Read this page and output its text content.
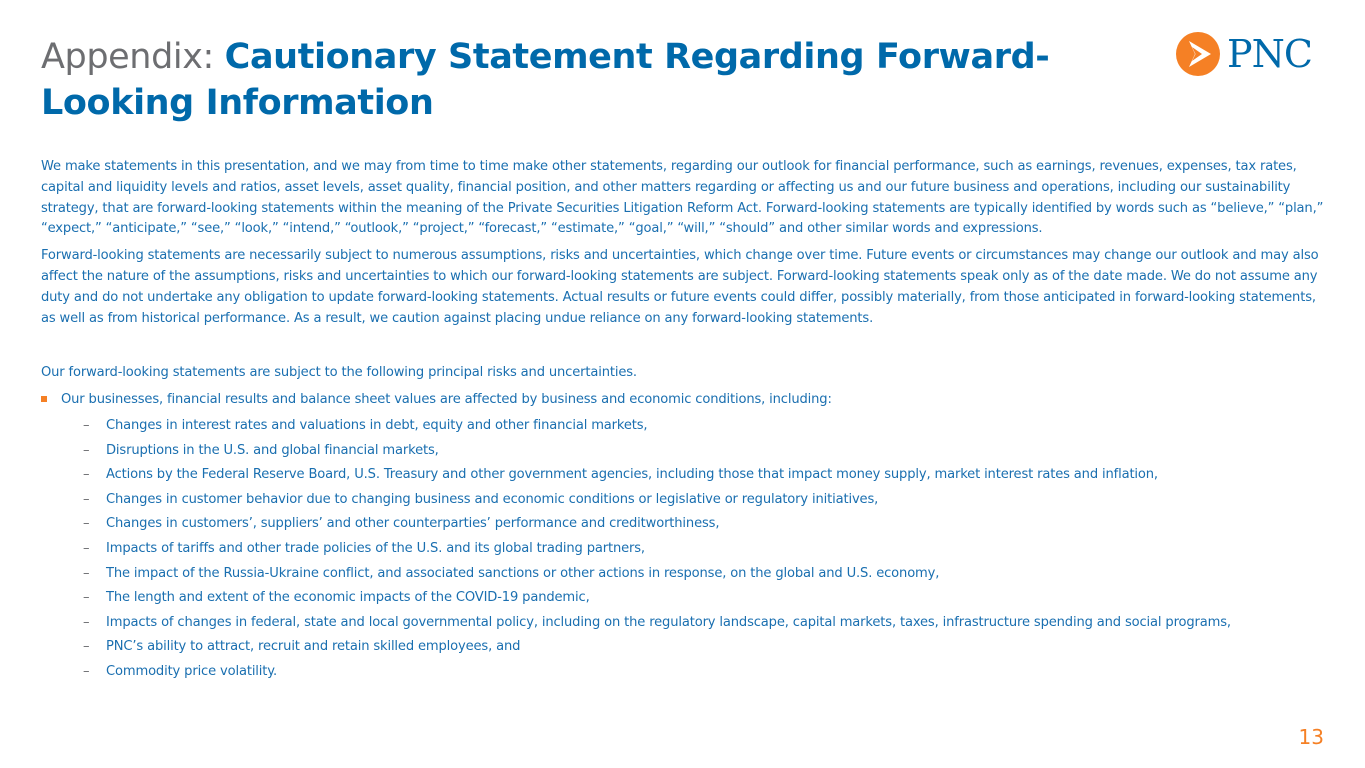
Appendix: Cautionary Statement Regarding Forward-Looking Information
PNC

We make statements in this presentation, and we may from time to time make other statements, regarding our outlook for financial performance, such as earnings, revenues, expenses, tax rates, capital and liquidity levels and ratios, asset levels, asset quality, financial position, and other matters regarding or affecting us and our future business and operations, including our sustainability strategy, that are forward-looking statements within the meaning of the Private Securities Litigation Reform Act. Forward-looking statements are typically identified by words such as “believe,” “plan,” “expect,” “anticipate,” “see,” “look,” “intend,” “outlook,” “project,” “forecast,” “estimate,” “goal,” “will,” “should” and other similar words and expressions.

Forward-looking statements are necessarily subject to numerous assumptions, risks and uncertainties, which change over time. Future events or circumstances may change our outlook and may also affect the nature of the assumptions, risks and uncertainties to which our forward-looking statements are subject. Forward-looking statements speak only as of the date made. We do not assume any duty and do not undertake any obligation to update forward-looking statements. Actual results or future events could differ, possibly materially, from those anticipated in forward-looking statements, as well as from historical performance. As a result, we caution against placing undue reliance on any forward-looking statements.

Our forward-looking statements are subject to the following principal risks and uncertainties.

Our businesses, financial results and balance sheet values are affected by business and economic conditions, including:
– Changes in interest rates and valuations in debt, equity and other financial markets,
– Disruptions in the U.S. and global financial markets,
– Actions by the Federal Reserve Board, U.S. Treasury and other government agencies, including those that impact money supply, market interest rates and inflation,
– Changes in customer behavior due to changing business and economic conditions or legislative or regulatory initiatives,
– Changes in customers’, suppliers’ and other counterparties’ performance and creditworthiness,
– Impacts of tariffs and other trade policies of the U.S. and its global trading partners,
– The impact of the Russia-Ukraine conflict, and associated sanctions or other actions in response, on the global and U.S. economy,
– The length and extent of the economic impacts of the COVID-19 pandemic,
– Impacts of changes in federal, state and local governmental policy, including on the regulatory landscape, capital markets, taxes, infrastructure spending and social programs,
– PNC’s ability to attract, recruit and retain skilled employees, and
– Commodity price volatility.
13
